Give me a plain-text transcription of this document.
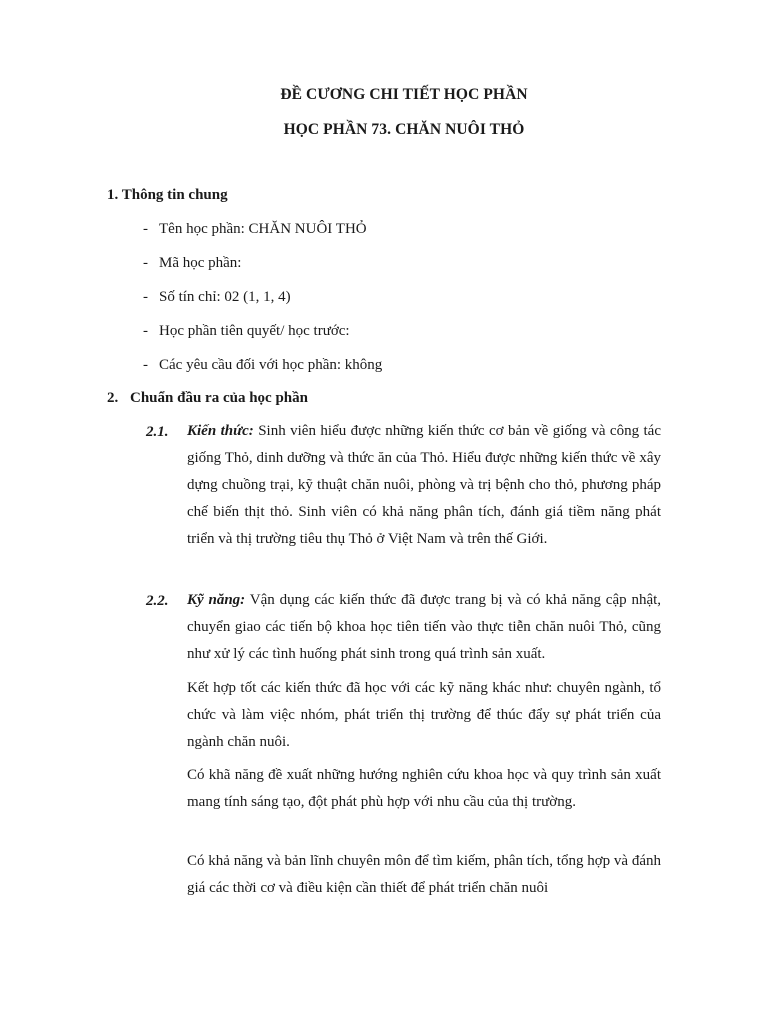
ĐỀ CƯƠNG CHI TIẾT HỌC PHẦN
HỌC PHẦN 73. CHĂN NUÔI THỎ
1. Thông tin chung
- Tên học phần: CHĂN NUÔI THỎ
- Mã học phần:
- Số tín chỉ: 02 (1, 1, 4)
- Học phần tiên quyết/ học trước:
- Các yêu cầu đối với học phần: không
2. Chuẩn đầu ra của học phần
2.1. Kiến thức: Sinh viên hiểu được những kiến thức cơ bản về giống và công tác giống Thỏ, dinh dưỡng và thức ăn của Thỏ. Hiểu được những kiến thức về xây dựng chuồng trại, kỹ thuật chăn nuôi, phòng và trị bệnh cho thỏ, phương pháp chế biến thịt thỏ. Sinh viên có khả năng phân tích, đánh giá tiềm năng phát triển và thị trường tiêu thụ Thỏ ở Việt Nam và trên thế Giới.
2.2. Kỹ năng: Vận dụng các kiến thức đã được trang bị và có khả năng cập nhật, chuyển giao các tiến bộ khoa học tiên tiến vào thực tiễn chăn nuôi Thỏ, cũng như xử lý các tình huống phát sinh trong quá trình sản xuất.
Kết hợp tốt các kiến thức đã học với các kỹ năng khác như: chuyên ngành, tổ chức và làm việc nhóm, phát triển thị trường để thúc đẩy sự phát triển của ngành chăn nuôi.
Có khã năng đề xuất những hướng nghiên cứu khoa học và quy trình sản xuất mang tính sáng tạo, đột phát phù hợp với nhu cầu của thị trường.
Có khả năng và bản lĩnh chuyên môn để tìm kiếm, phân tích, tổng hợp và đánh giá các thời cơ và điều kiện cần thiết để phát triển chăn nuôi
